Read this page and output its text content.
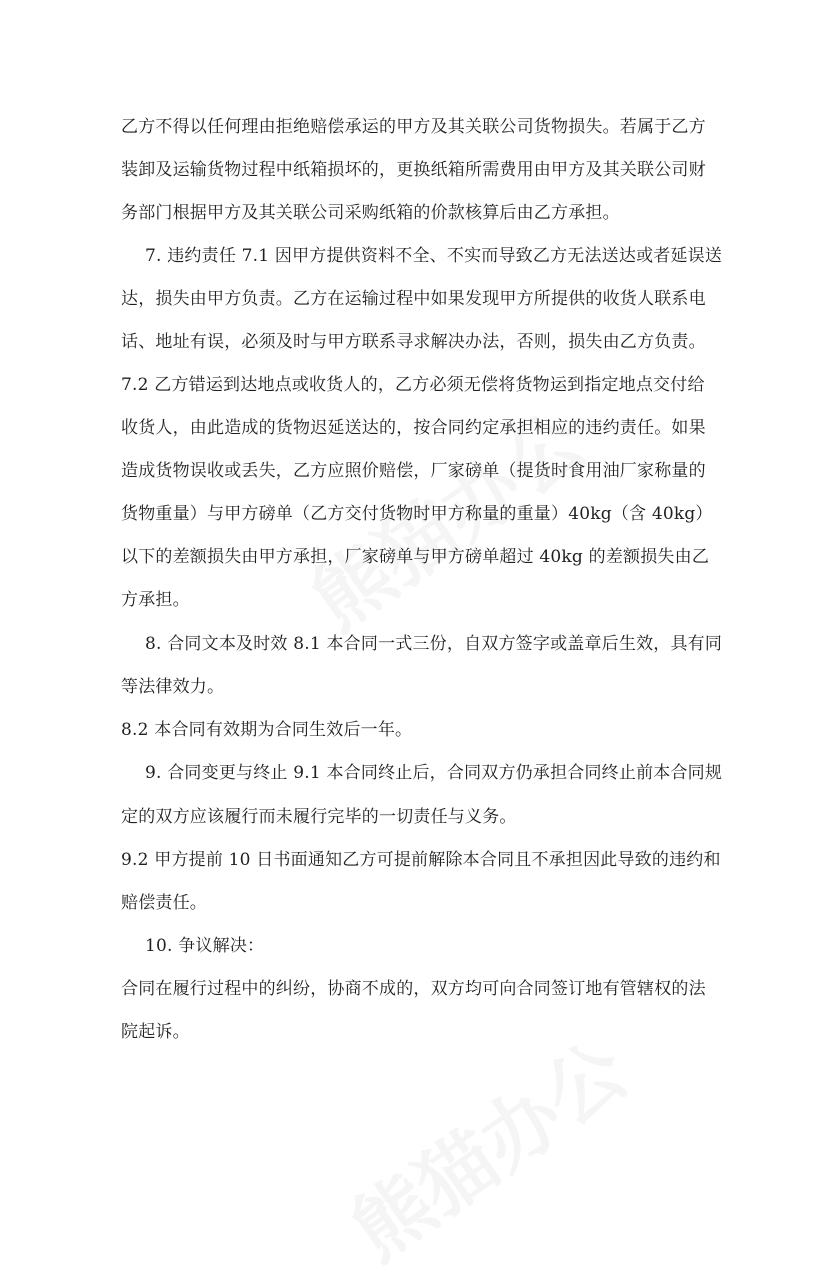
乙方不得以任何理由拒绝赔偿承运的甲方及其关联公司货物损失。若属于乙方
装卸及运输货物过程中纸箱损坏的，更换纸箱所需费用由甲方及其关联公司财
务部门根据甲方及其关联公司采购纸箱的价款核算后由乙方承担。
7. 违约责任 7.1 因甲方提供资料不全、不实而导致乙方无法送达或者延误送
达，损失由甲方负责。乙方在运输过程中如果发现甲方所提供的收货人联系电
话、地址有误，必须及时与甲方联系寻求解决办法，否则，损失由乙方负责。
7.2 乙方错运到达地点或收货人的，乙方必须无偿将货物运到指定地点交付给
收货人，由此造成的货物迟延送达的，按合同约定承担相应的违约责任。如果
造成货物误收或丢失，乙方应照价赔偿，厂家磅单（提货时食用油厂家称量的
货物重量）与甲方磅单（乙方交付货物时甲方称量的重量）40kg（含 40kg）
以下的差额损失由甲方承担，厂家磅单与甲方磅单超过 40kg 的差额损失由乙
方承担。
8. 合同文本及时效 8.1 本合同一式三份，自双方签字或盖章后生效，具有同
等法律效力。
8.2 本合同有效期为合同生效后一年。
9. 合同变更与终止 9.1 本合同终止后，合同双方仍承担合同终止前本合同规
定的双方应该履行而未履行完毕的一切责任与义务。
9.2 甲方提前 10 日书面通知乙方可提前解除本合同且不承担因此导致的违约和
赔偿责任。
10. 争议解决：
合同在履行过程中的纠纷，协商不成的，双方均可向合同签订地有管辖权的法
院起诉。
